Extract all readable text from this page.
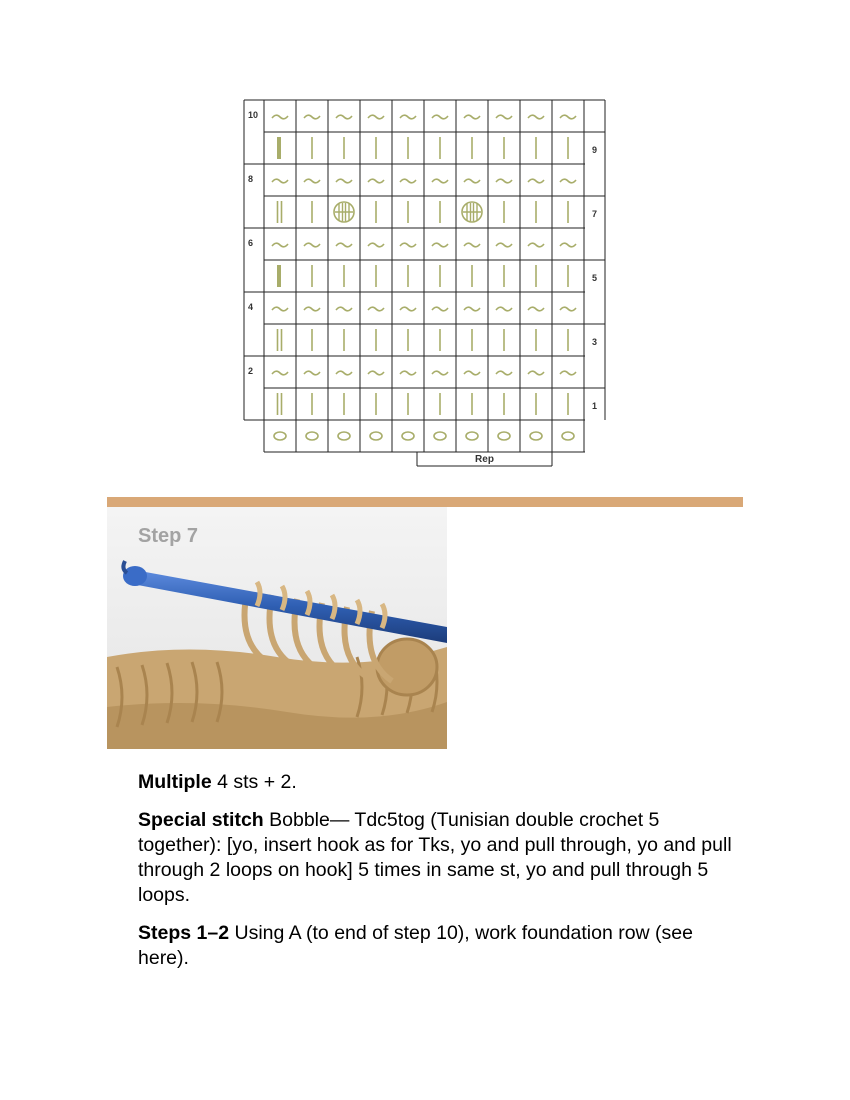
10
8
6
4
2
9
7
5
3
1
Rep
Step 7

Multiple 4 sts + 2.

Special stitch Bobble— Tdc5tog (Tunisian double crochet 5 together): [yo, insert hook as for Tks, yo and pull through, yo and pull through 2 loops on hook] 5 times in same st, yo and pull through 5 loops.

Steps 1–2 Using A (to end of step 10), work foundation row (see here).
